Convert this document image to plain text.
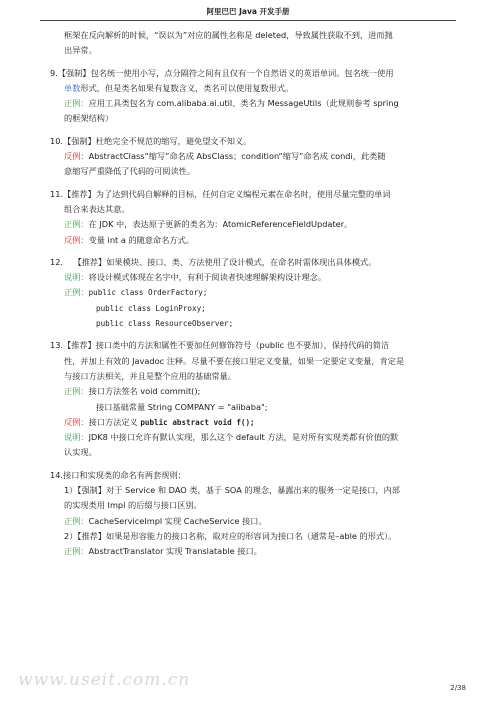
阿里巴巴 Java 开发手册

框架在反向解析的时候，“误以为”对应的属性名称是 deleted，导致属性获取不到，进而抛

出异常。

9.【强制】包名统一使用小写，点分隔符之间有且仅有一个自然语义的英语单词。包名统一使用

单数形式，但是类名如果有复数含义，类名可以使用复数形式。

正例：应用工具类包名为 com.alibaba.ai.util、类名为 MessageUtils（此规则参考 spring

的框架结构）

10.【强制】杜绝完全不规范的缩写，避免望文不知义。

反例：AbstractClass“缩写”命名成 AbsClass；condition“缩写”命名成 condi，此类随

意缩写严重降低了代码的可阅读性。

11.【推荐】为了达到代码自解释的目标，任何自定义编程元素在命名时，使用尽量完整的单词

组合来表达其意。

正例：在 JDK 中，表达原子更新的类名为：AtomicReferenceFieldUpdater。

反例：变量 int a 的随意命名方式。

12. 【推荐】如果模块、接口、类、方法使用了设计模式，在命名时需体现出具体模式。

说明：将设计模式体现在名字中，有利于阅读者快速理解架构设计理念。

正例：public class OrderFactory;

public class LoginProxy;

public class ResourceObserver;

13.【推荐】接口类中的方法和属性不要加任何修饰符号（public 也不要加），保持代码的简洁

性，并加上有效的 Javadoc 注释。尽量不要在接口里定义变量，如果一定要定义变量，肯定是

与接口方法相关，并且是整个应用的基础常量。

正例：接口方法签名 void commit();

接口基础常量 String COMPANY = "alibaba";

反例：接口方法定义 public abstract void f();

说明：JDK8 中接口允许有默认实现，那么这个 default 方法，是对所有实现类都有价值的默

认实现。

14.接口和实现类的命名有两套规则：

1）【强制】对于 Service 和 DAO 类，基于 SOA 的理念，暴露出来的服务一定是接口，内部

的实现类用 Impl 的后缀与接口区别。

正例：CacheServiceImpl 实现 CacheService 接口。

2）【推荐】如果是形容能力的接口名称，取对应的形容词为接口名（通常是–able 的形式）。

正例：AbstractTranslator 实现 Translatable 接口。

www.useit.com.cn	2/38
